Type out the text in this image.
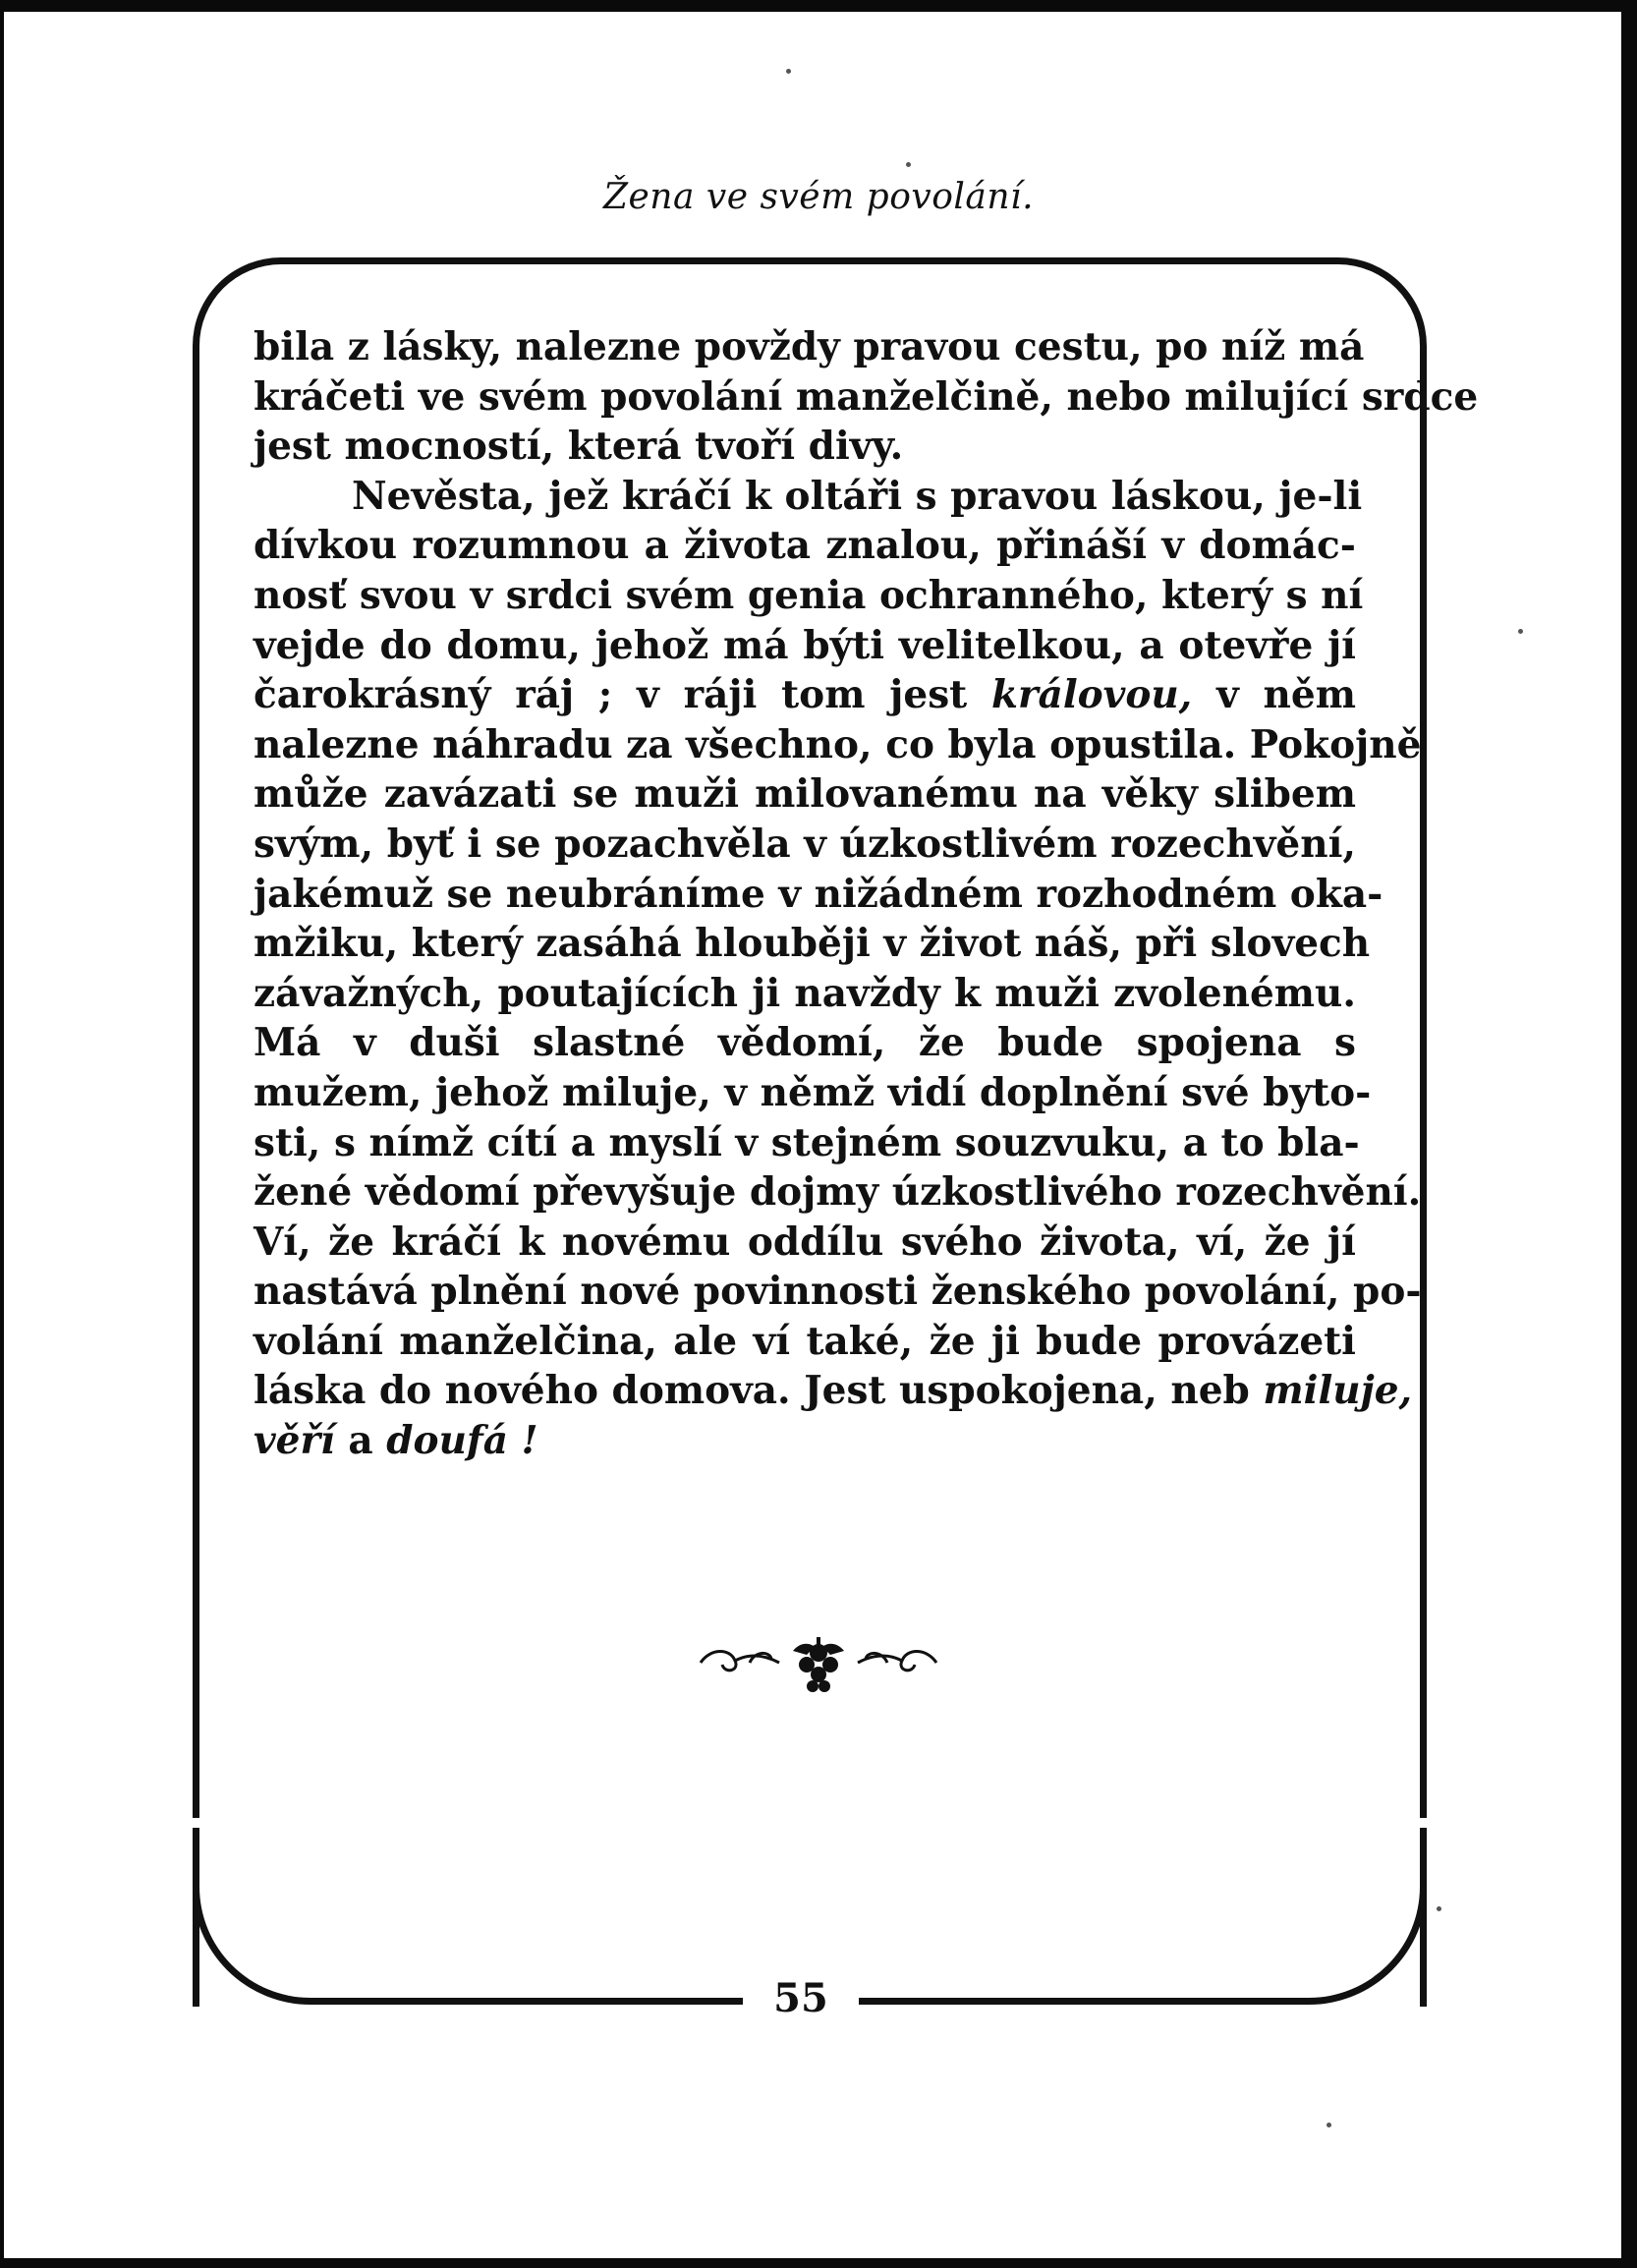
Žena ve svém povolání.
bila z lásky, nalezne povždy pravou cestu, po níž má
kráčeti ve svém povolání manželčině, nebo milující srdce
jest mocností, která tvoří divy.
Nevěsta, jež kráčí k oltáři s pravou láskou, je-li
dívkou rozumnou a života znalou, přináší v domác-
nosť svou v srdci svém genia ochranného, který s ní
vejde do domu, jehož má býti velitelkou, a otevře jí
čarokrásný ráj ; v ráji tom jest královou, v něm
nalezne náhradu za všechno, co byla opustila. Pokojně
může zavázati se muži milovanému na věky slibem
svým, byť i se pozachvěla v úzkostlivém rozechvění,
jakémuž se neubráníme v nižádném rozhodném oka-
mžiku, který zasáhá hlouběji v život náš, při slovech
závažných, poutajících ji navždy k muži zvolenému.
Má v duši slastné vědomí, že bude spojena s
mužem, jehož miluje, v němž vidí doplnění své byto-
sti, s nímž cítí a myslí v stejném souzvuku, a to bla-
žené vědomí převyšuje dojmy úzkostlivého rozechvění.
Ví, že kráčí k novému oddílu svého života, ví, že jí
nastává plnění nové povinnosti ženského povolání, po-
volání manželčina, ale ví také, že ji bude provázeti
láska do nového domova. Jest uspokojena, neb miluje,
věří a doufá !
55
